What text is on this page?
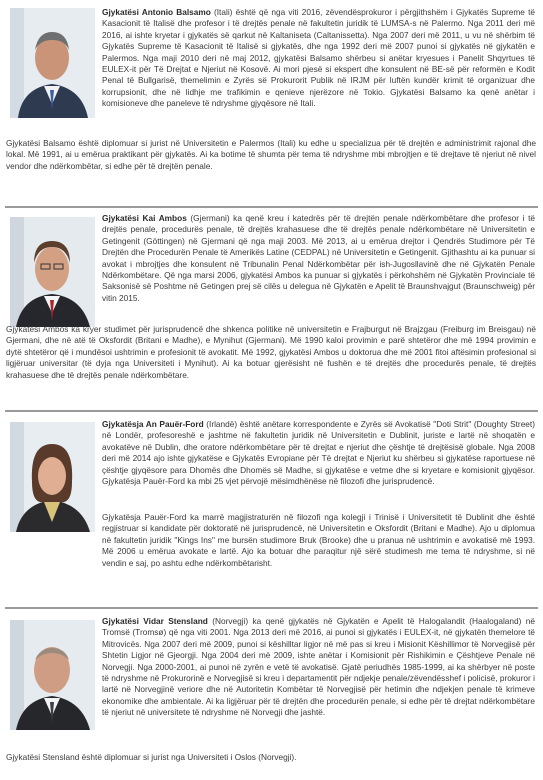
Gjykatësi Antonio Balsamo (Itali) është që nga viti 2016, zëvendësprokuror i përgjithshëm i Gjykatës Supreme të Kasacionit të Italisë dhe profesor i të drejtës penale në fakultetin juridik të LUMSA-s në Palermo. Nga 2011 deri më 2016, ai ishte kryetar i gjykatës së qarkut në Kaltaniseta (Caltanissetta). Nga 2007 deri më 2011, u vu në shërbim të Gjykatës Supreme të Kasacionit të Italisë si gjykatës, dhe nga 1992 deri më 2007 punoi si gjykatës në gjykatën e Palermos. Nga maji 2010 deri në maj 2012, gjykatësi Balsamo shërbeu si anëtar kryesues i Panelit Shqyrtues të EULEX-it për Të Drejtat e Njeriut në Kosovë. Ai mori pjesë si ekspert dhe konsulent në BE-së për reformën e Kodit Penal të Bullgarisë, themelimin e Zyrës së Prokurorit Publik në IRJM për luftën kundër krimit të organizuar dhe korrupsionit, dhe në lidhje me trafikimin e qenieve njerëzore në Tokio. Gjykatësi Balsamo ka qenë anëtar i komisioneve dhe paneleve të ndryshme gjyqësore në Itali.
Gjykatësi Balsamo është diplomuar si jurist në Universitetin e Palermos (Itali) ku edhe u specializua për të drejtën e administrimit rajonal dhe lokal. Më 1991, ai u emërua praktikant për gjykatës. Ai ka botime të shumta për tema të ndryshme mbi mbrojtjen e të drejtave të njeriut në nivel vendor dhe ndërkombëtar, si edhe për të drejtën penale.
Gjykatësi Kai Ambos (Gjermani) ka qenë kreu i katedrës për të drejtën penale ndërkombëtare dhe profesor i të drejtës penale, procedurës penale, të drejtës krahasuese dhe të drejtës penale ndërkombëtare në Universitetin e Getingenit (Göttingen) në Gjermani që nga maji 2003. Më 2013, ai u emërua drejtor i Qendrës Studimore për Të Drejtën dhe Procedurën Penale të Amerikës Latine (CEDPAL) në Universitetin e Getingenit. Gjithashtu ai ka punuar si avokat i mbrojtjes dhe konsulent në Tribunalin Penal Ndërkombëtar për ish-Jugosllavinë dhe në Gjykatën Penale Ndërkombëtare. Që nga marsi 2006, gjykatësi Ambos ka punuar si gjykatës i përkohshëm në Gjykatën Provinciale të Saksonisë së Poshtme në Getingen prej së cilës u delegua në Gjykatën e Apelit të Braunshvajgut (Braunschweig) për vitin 2015.
Gjykatësi Ambos ka kryer studimet për jurisprudencë dhe shkenca politike në universitetin e Frajburgut në Brajzgau (Freiburg im Breisgau) në Gjermani, dhe në atë të Oksfordit (Britani e Madhe), e Mynihut (Gjermani). Më 1990 kaloi provimin e parë shtetëror dhe më 1994 provimin e dytë shtetëror që i mundësoi ushtrimin e profesionit të avokatit. Më 1992, gjykatësi Ambos u doktorua dhe më 2001 fitoi aftësimin profesional si ligjëruar universitar (të dyja nga Universiteti i Mynihut). Ai ka botuar gjerësisht në fushën e të drejtës dhe procedurës penale, të drejtës krahasuese dhe të drejtës penale ndërkombëtare.
Gjykatësja An Pauër-Ford (Irlandë) është anëtare korrespondente e Zyrës së Avokatisë "Doti Strit" (Doughty Street) në Londër, profesoreshë e jashtme në fakultetin juridik në Universitetin e Dublinit, juriste e lartë në shoqatën e avokatëve në Dublin, dhe oratore ndërkombëtare për të drejtat e njeriut dhe çështje të drejtësisë globale. Nga 2008 deri më 2014 ajo ishte gjykatëse e Gjykatës Evropiane për Të drejtat e Njeriut ku shërbeu si gjykatëse raportuese në çështje gjyqësore para Dhomës dhe Dhomës së Madhe, si gjykatëse e vetme dhe si kryetare e komisionit gjyqësor. Gjykatësja Pauër-Ford ka mbi 25 vjet përvojë mësimdhënëse në filozofi dhe jurisprudencë.
Gjykatësja Pauër-Ford ka marrë magjistraturën në filozofi nga kolegji i Trinisë i Universitetit të Dublinit dhe është regjistruar si kandidate për doktoratë në jurisprudencë, në Universitetin e Oksfordit (Britani e Madhe). Ajo u diplomua në fakultetin juridik "Kings Ins" me bursën studimore Bruk (Brooke) dhe u pranua në ushtrimin e avokatisë më 1993. Më 2006 u emërua avokate e lartë. Ajo ka botuar dhe paraqitur një sërë studimesh me tema të ndryshme, si në vendin e saj, po ashtu edhe ndërkombëtarisht.
Gjykatësi Vidar Stensland (Norvegji) ka qenë gjykatës në Gjykatën e Apelit të Halogalandit (Haalogaland) në Tromsë (Tromsø) që nga viti 2001. Nga 2013 deri më 2016, ai punoi si gjykatës i EULEX-it, në gjykatën themelore të Mitrovicës. Nga 2007 deri më 2009, punoi si këshilltar ligjor në më pas si kreu i Misionit Këshillimor të Norvegjisë për Shtetin Ligjor në Gjeorgji. Nga 2004 deri më 2009, ishte anëtar i Komisionit për Rishikimin e Çështjeve Penale në Norvegji. Nga 2000-2001, ai punoi në zyrën e vetë të avokatisë. Gjatë periudhës 1985-1999, ai ka shërbyer në poste të ndryshme në Prokurorinë e Norvegjisë si kreu i departamentit për ndjekje penale/zëvendësshef i policisë, prokuror i lartë në Norvegjinë veriore dhe në Autoritetin Kombëtar të Norvegjisë për hetimin dhe ndjekjen penale të krimeve ekonomike dhe ambientale. Ai ka ligjëruar për të drejtën dhe procedurën penale, si edhe për të drejtat ndërkombëtare të njeriut në universitete të ndryshme në Norvegji dhe jashtë.
Gjykatësi Stensland është diplomuar si jurist nga Universiteti i Oslos (Norvegji).
